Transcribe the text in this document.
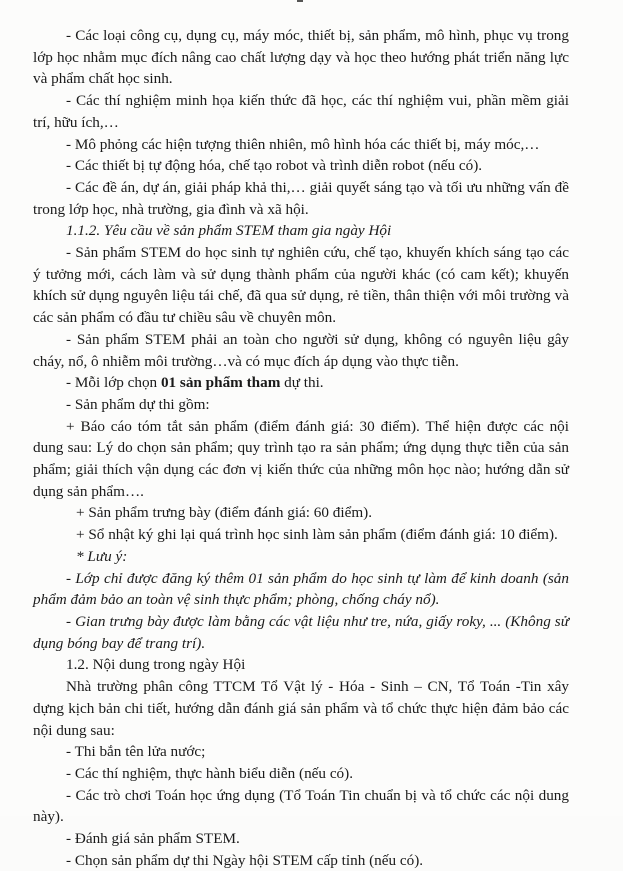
- Các loại công cụ, dụng cụ, máy móc, thiết bị, sản phẩm, mô hình, phục vụ trong lớp học nhằm mục đích nâng cao chất lượng dạy và học theo hướng phát triển năng lực và phẩm chất học sinh.

- Các thí nghiệm minh họa kiến thức đã học, các thí nghiệm vui, phần mềm giải trí, hữu ích,…

- Mô phỏng các hiện tượng thiên nhiên, mô hình hóa các thiết bị, máy móc,…

- Các thiết bị tự động hóa, chế tạo robot và trình diễn robot (nếu có).

- Các đề án, dự án, giải pháp khả thi,… giải quyết sáng tạo và tối ưu những vấn đề trong lớp học, nhà trường, gia đình và xã hội.

1.1.2. Yêu cầu về sản phẩm STEM tham gia ngày Hội

- Sản phẩm STEM do học sinh tự nghiên cứu, chế tạo, khuyến khích sáng tạo các ý tưởng mới, cách làm và sử dụng thành phẩm của người khác (có cam kết); khuyến khích sử dụng nguyên liệu tái chế, đã qua sử dụng, rẻ tiền, thân thiện với môi trường và các sản phẩm có đầu tư chiều sâu về chuyên môn.

- Sản phẩm STEM phải an toàn cho người sử dụng, không có nguyên liệu gây cháy, nổ, ô nhiễm môi trường…và có mục đích áp dụng vào thực tiễn.

- Mỗi lớp chọn 01 sản phẩm tham dự thi.

- Sản phẩm dự thi gồm:

+ Báo cáo tóm tắt sản phẩm (điểm đánh giá: 30 điểm). Thể hiện được các nội dung sau: Lý do chọn sản phẩm; quy trình tạo ra sản phẩm; ứng dụng thực tiễn của sản phẩm; giải thích vận dụng các đơn vị kiến thức của những môn học nào; hướng dẫn sử dụng sản phẩm….

+ Sản phẩm trưng bày (điểm đánh giá: 60 điểm).

+ Sổ nhật ký ghi lại quá trình học sinh làm sản phẩm (điểm đánh giá: 10 điểm).

* Lưu ý:

- Lớp chỉ được đăng ký thêm 01 sản phẩm do học sinh tự làm để kinh doanh (sản phẩm đảm bảo an toàn vệ sinh thực phẩm; phòng, chống cháy nổ).

- Gian trưng bày được làm bằng các vật liệu như tre, nứa, giấy roky, ... (Không sử dụng bóng bay để trang trí).

1.2. Nội dung trong ngày Hội

Nhà trường phân công TTCM Tổ Vật lý - Hóa - Sinh – CN, Tổ Toán -Tin xây dựng kịch bản chi tiết, hướng dẫn đánh giá sản phẩm và tổ chức thực hiện đảm bảo các nội dung sau:

- Thi bắn tên lửa nước;

- Các thí nghiệm, thực hành biểu diễn (nếu có).

- Các trò chơi Toán học ứng dụng (Tổ Toán Tin chuẩn bị và tổ chức các nội dung này).

- Đánh giá sản phẩm STEM.

- Chọn sản phẩm dự thi Ngày hội STEM cấp tỉnh (nếu có).
